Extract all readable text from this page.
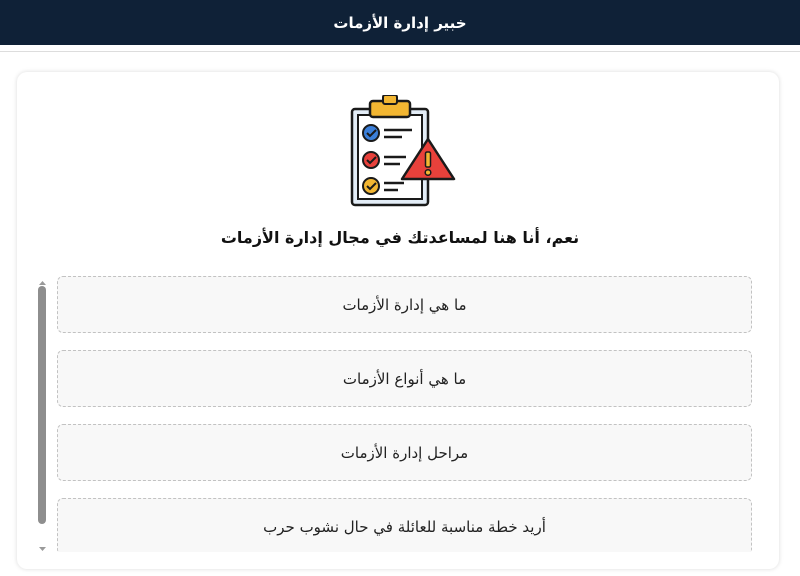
خبير إدارة الأزمات
نعم، أنا هنا لمساعدتك في مجال إدارة الأزمات
ما هي إدارة الأزمات
ما هي أنواع الأزمات
مراحل إدارة الأزمات
أريد خطة مناسبة للعائلة في حال نشوب حرب
